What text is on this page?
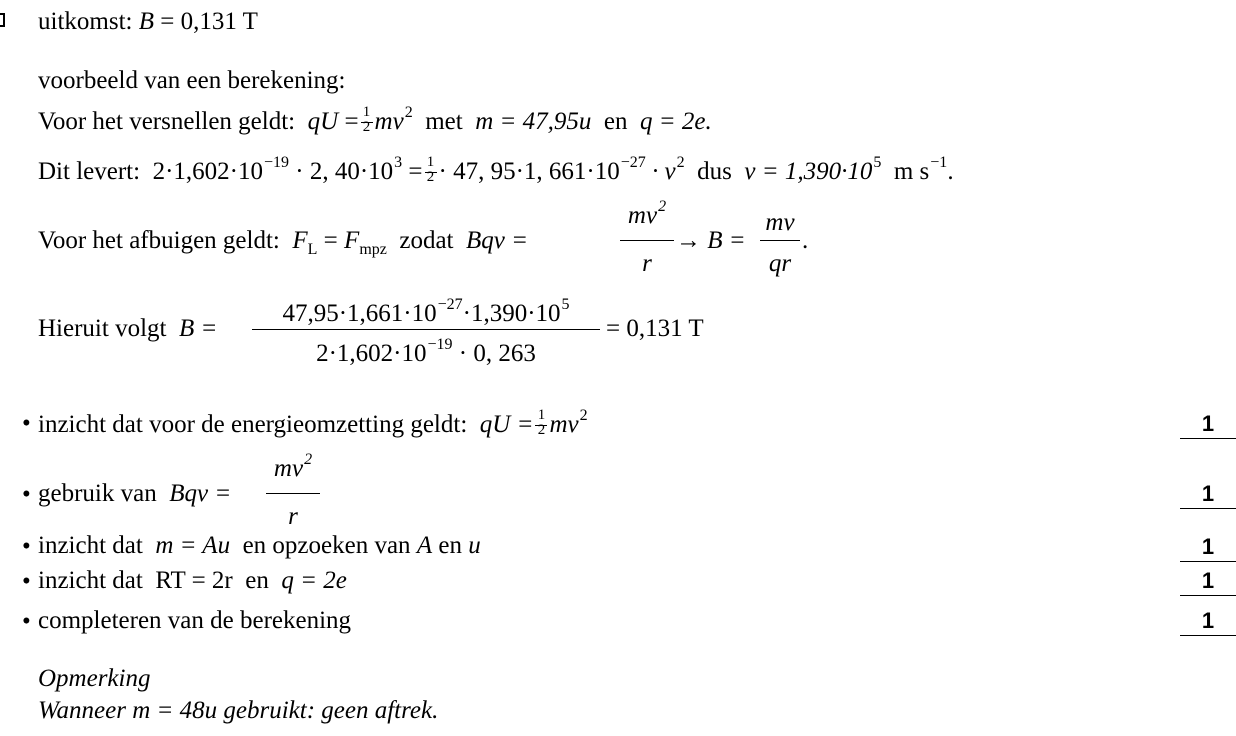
uitkomst: B = 0,131 T
voorbeeld van een berekening:
Voor het versnellen geldt: qU = $\frac{1}{2} mv^2$ met m = 47,95u en q = 2e.
Dit levert: $2\cdot 1,602\cdot 10^{-19} \cdot 2$, $40\cdot 10^3 = \frac{1}{2} \cdot 47$, 95·1, $661\cdot 10^{-27} \cdot v^2$ dus $v = 1,390\cdot 10^5$ m $s^{-1}$.
Voor het afbuigen geldt: $F_L = F_{mpz}$ zodat Bqv =
$mv^2$
r
→ B =
mv
qr
.
Hieruit volgt B =
$47,95\cdot 1,661\cdot 10^{-27}\cdot 1,390\cdot 10^5$
$2\cdot 1,602\cdot 10^{-19} \cdot 0$, 263
= 0,131 T
• inzicht dat voor de energieomzetting geldt: qU = $\frac{1}{2} mv^2$	1
• gebruik van Bqv =
$mv^2$
r
1
• inzicht dat m = Au en opzoeken van A en u	1
• inzicht dat RT = 2r en q = 2e	1
• completeren van de berekening	1
Opmerking
Wanneer m = 48u gebruikt: geen aftrek.
